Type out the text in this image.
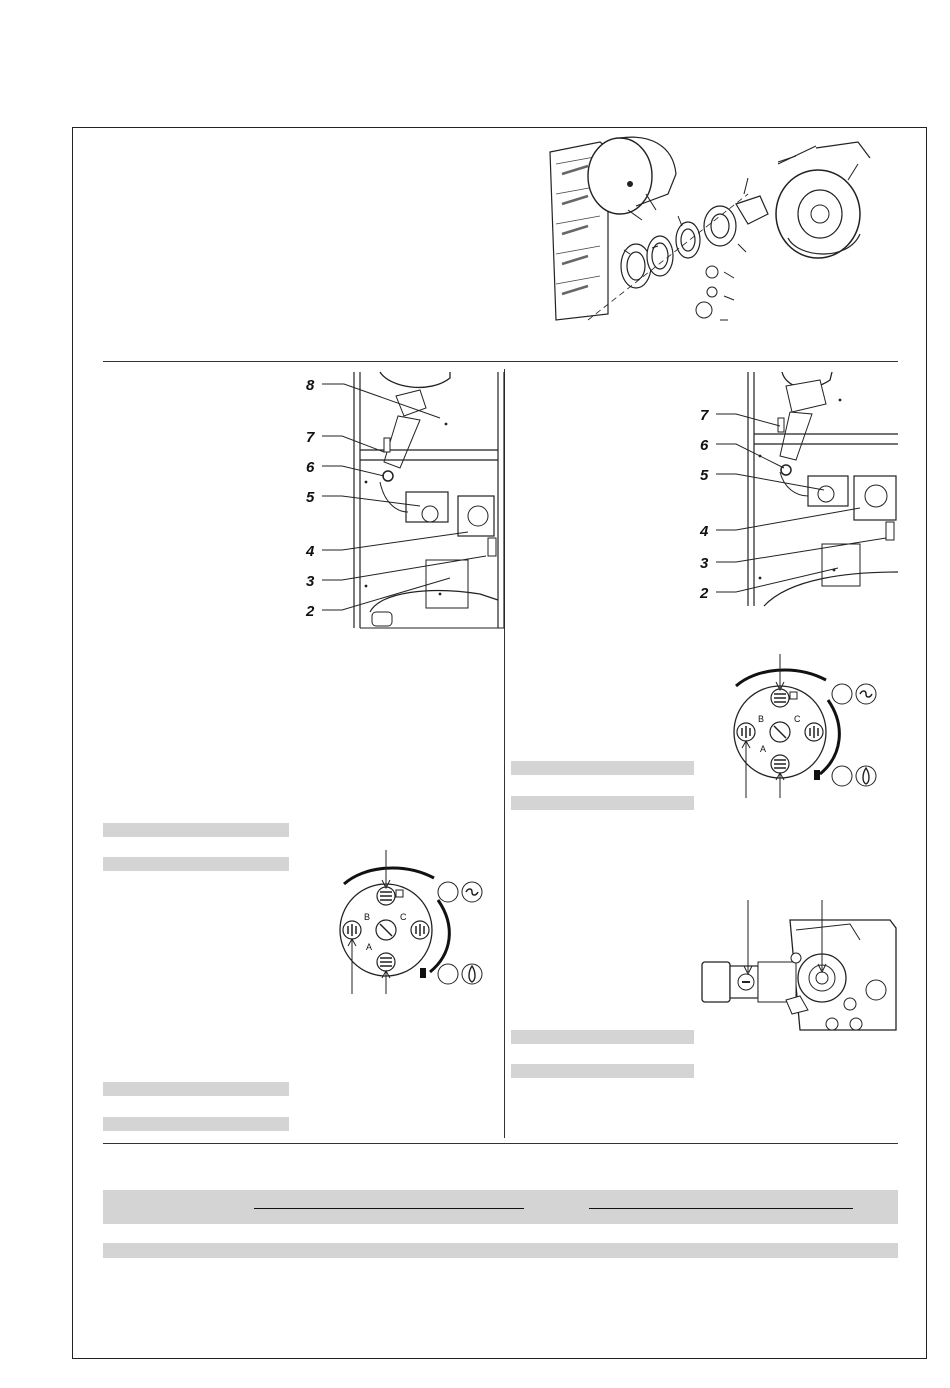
8
7
6
5
4
3
2
7
6
5
4
3
2
B	C
A
B	C
A
